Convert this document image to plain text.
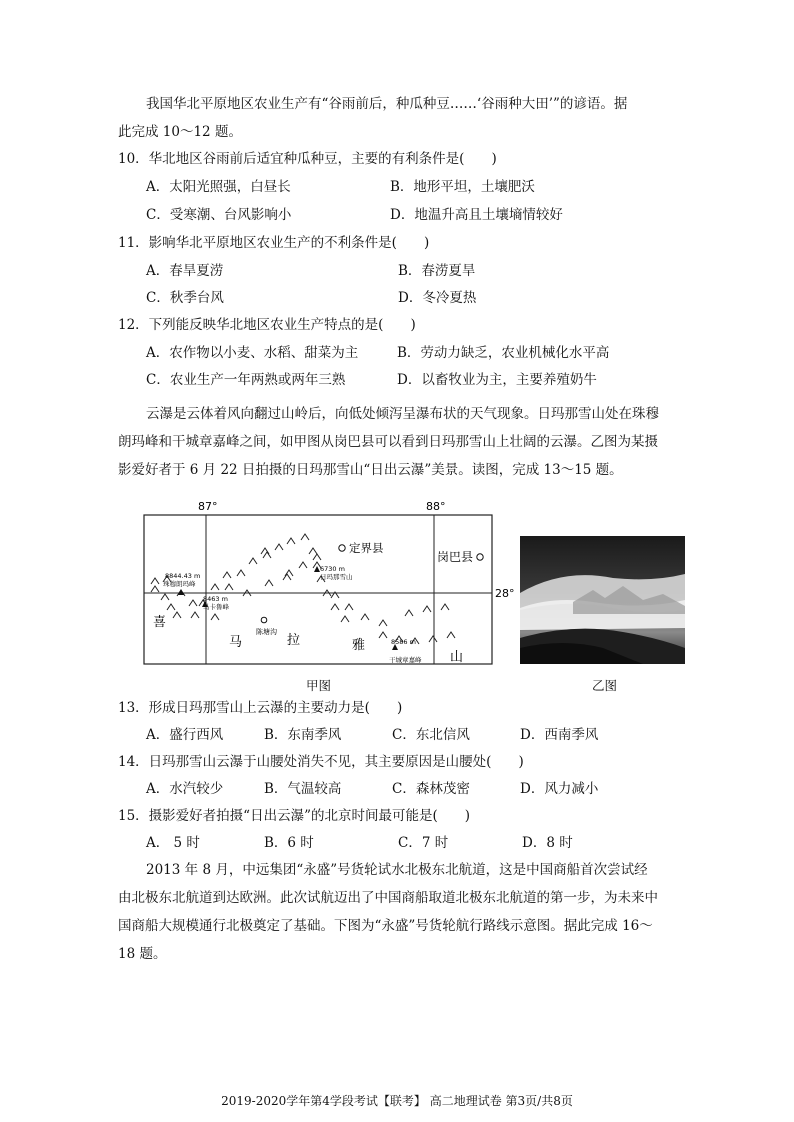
我国华北平原地区农业生产有“谷雨前后，种瓜种豆……‘谷雨种大田’”的谚语。据
此完成 10～12 题。
10．华北地区谷雨前后适宜种瓜种豆，主要的有利条件是(　　)
A．太阳光照强，白昼长	B．地形平坦，土壤肥沃
C．受寒潮、台风影响小	D．地温升高且土壤墒情较好
11．影响华北平原地区农业生产的不利条件是(　　)
A．春旱夏涝	B．春涝夏旱
C．秋季台风	D．冬冷夏热
12．下列能反映华北地区农业生产特点的是(　　)
A．农作物以小麦、水稻、甜菜为主	B．劳动力缺乏，农业机械化水平高
C．农业生产一年两熟或两年三熟	D．以畜牧业为主，主要养殖奶牛
云瀑是云体着风向翻过山岭后，向低处倾泻呈瀑布状的天气现象。日玛那雪山处在珠穆
朗玛峰和干城章嘉峰之间，如甲图从岗巴县可以看到日玛那雪山上壮阔的云瀑。乙图为某摄
影爱好者于 6 月 22 日拍摄的日玛那雪山“日出云瀑”美景。读图，完成 13～15 题。
87°	88°
28°
8844.43 m
珠穆朗玛峰
8463 m
马卡鲁峰
6730 m
日玛那雪山
8586 m
干城章嘉峰
定界县
岗巴县
陈塘沟
喜
马	拉	雅
山
甲图	乙图
13．形成日玛那雪山上云瀑的主要动力是(　　)
A．盛行西风	B．东南季风	C．东北信风	D．西南季风
14．日玛那雪山云瀑于山腰处消失不见，其主要原因是山腰处(　　)
A．水汽较少	B．气温较高	C．森林茂密	D．风力减小
15．摄影爱好者拍摄“日出云瀑”的北京时间最可能是(　　)
A． 5 时	B．6 时	C．7 时	D．8 时
2013 年 8 月，中远集团“永盛”号货轮试水北极东北航道，这是中国商船首次尝试经
由北极东北航道到达欧洲。此次试航迈出了中国商船取道北极东北航道的第一步，为未来中
国商船大规模通行北极奠定了基础。下图为“永盛”号货轮航行路线示意图。据此完成 16～
18 题。
2019-2020学年第4学段考试【联考】 高二地理试卷 第3页/共8页
